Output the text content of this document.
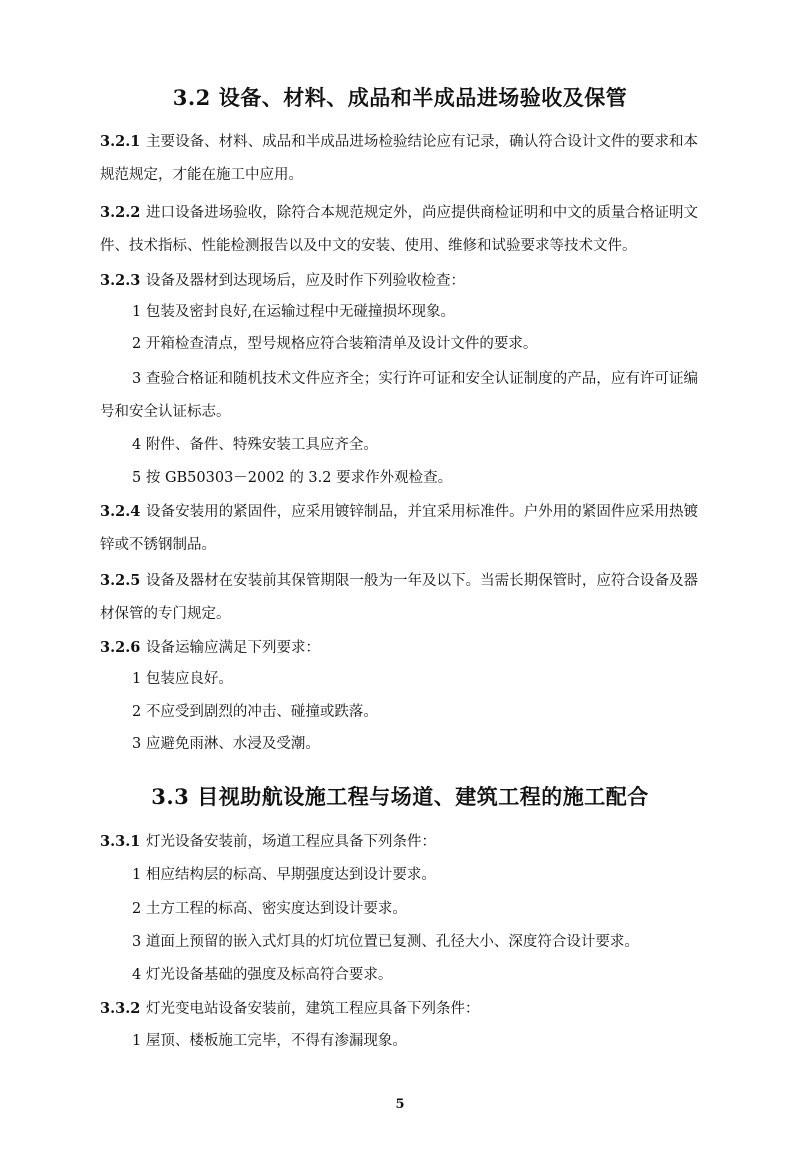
3.2 设备、材料、成品和半成品进场验收及保管
3.2.1 主要设备、材料、成品和半成品进场检验结论应有记录，确认符合设计文件的要求和本规范规定，才能在施工中应用。
3.2.2 进口设备进场验收，除符合本规范规定外，尚应提供商检证明和中文的质量合格证明文件、技术指标、性能检测报告以及中文的安装、使用、维修和试验要求等技术文件。
3.2.3 设备及器材到达现场后，应及时作下列验收检查：
1 包装及密封良好,在运输过程中无碰撞损坏现象。
2 开箱检查清点，型号规格应符合装箱清单及设计文件的要求。
3 查验合格证和随机技术文件应齐全；实行许可证和安全认证制度的产品，应有许可证编号和安全认证标志。
4 附件、备件、特殊安装工具应齐全。
5 按 GB50303－2002 的 3.2 要求作外观检查。
3.2.4 设备安装用的紧固件，应采用镀锌制品，并宜采用标准件。户外用的紧固件应采用热镀锌或不锈钢制品。
3.2.5 设备及器材在安装前其保管期限一般为一年及以下。当需长期保管时，应符合设备及器材保管的专门规定。
3.2.6 设备运输应满足下列要求：
1 包装应良好。
2 不应受到剧烈的冲击、碰撞或跌落。
3 应避免雨淋、水浸及受潮。
3.3 目视助航设施工程与场道、建筑工程的施工配合
3.3.1 灯光设备安装前，场道工程应具备下列条件：
1 相应结构层的标高、早期强度达到设计要求。
2 土方工程的标高、密实度达到设计要求。
3 道面上预留的嵌入式灯具的灯坑位置已复测、孔径大小、深度符合设计要求。
4 灯光设备基础的强度及标高符合要求。
3.3.2 灯光变电站设备安装前，建筑工程应具备下列条件：
1 屋顶、楼板施工完毕，不得有渗漏现象。
5
